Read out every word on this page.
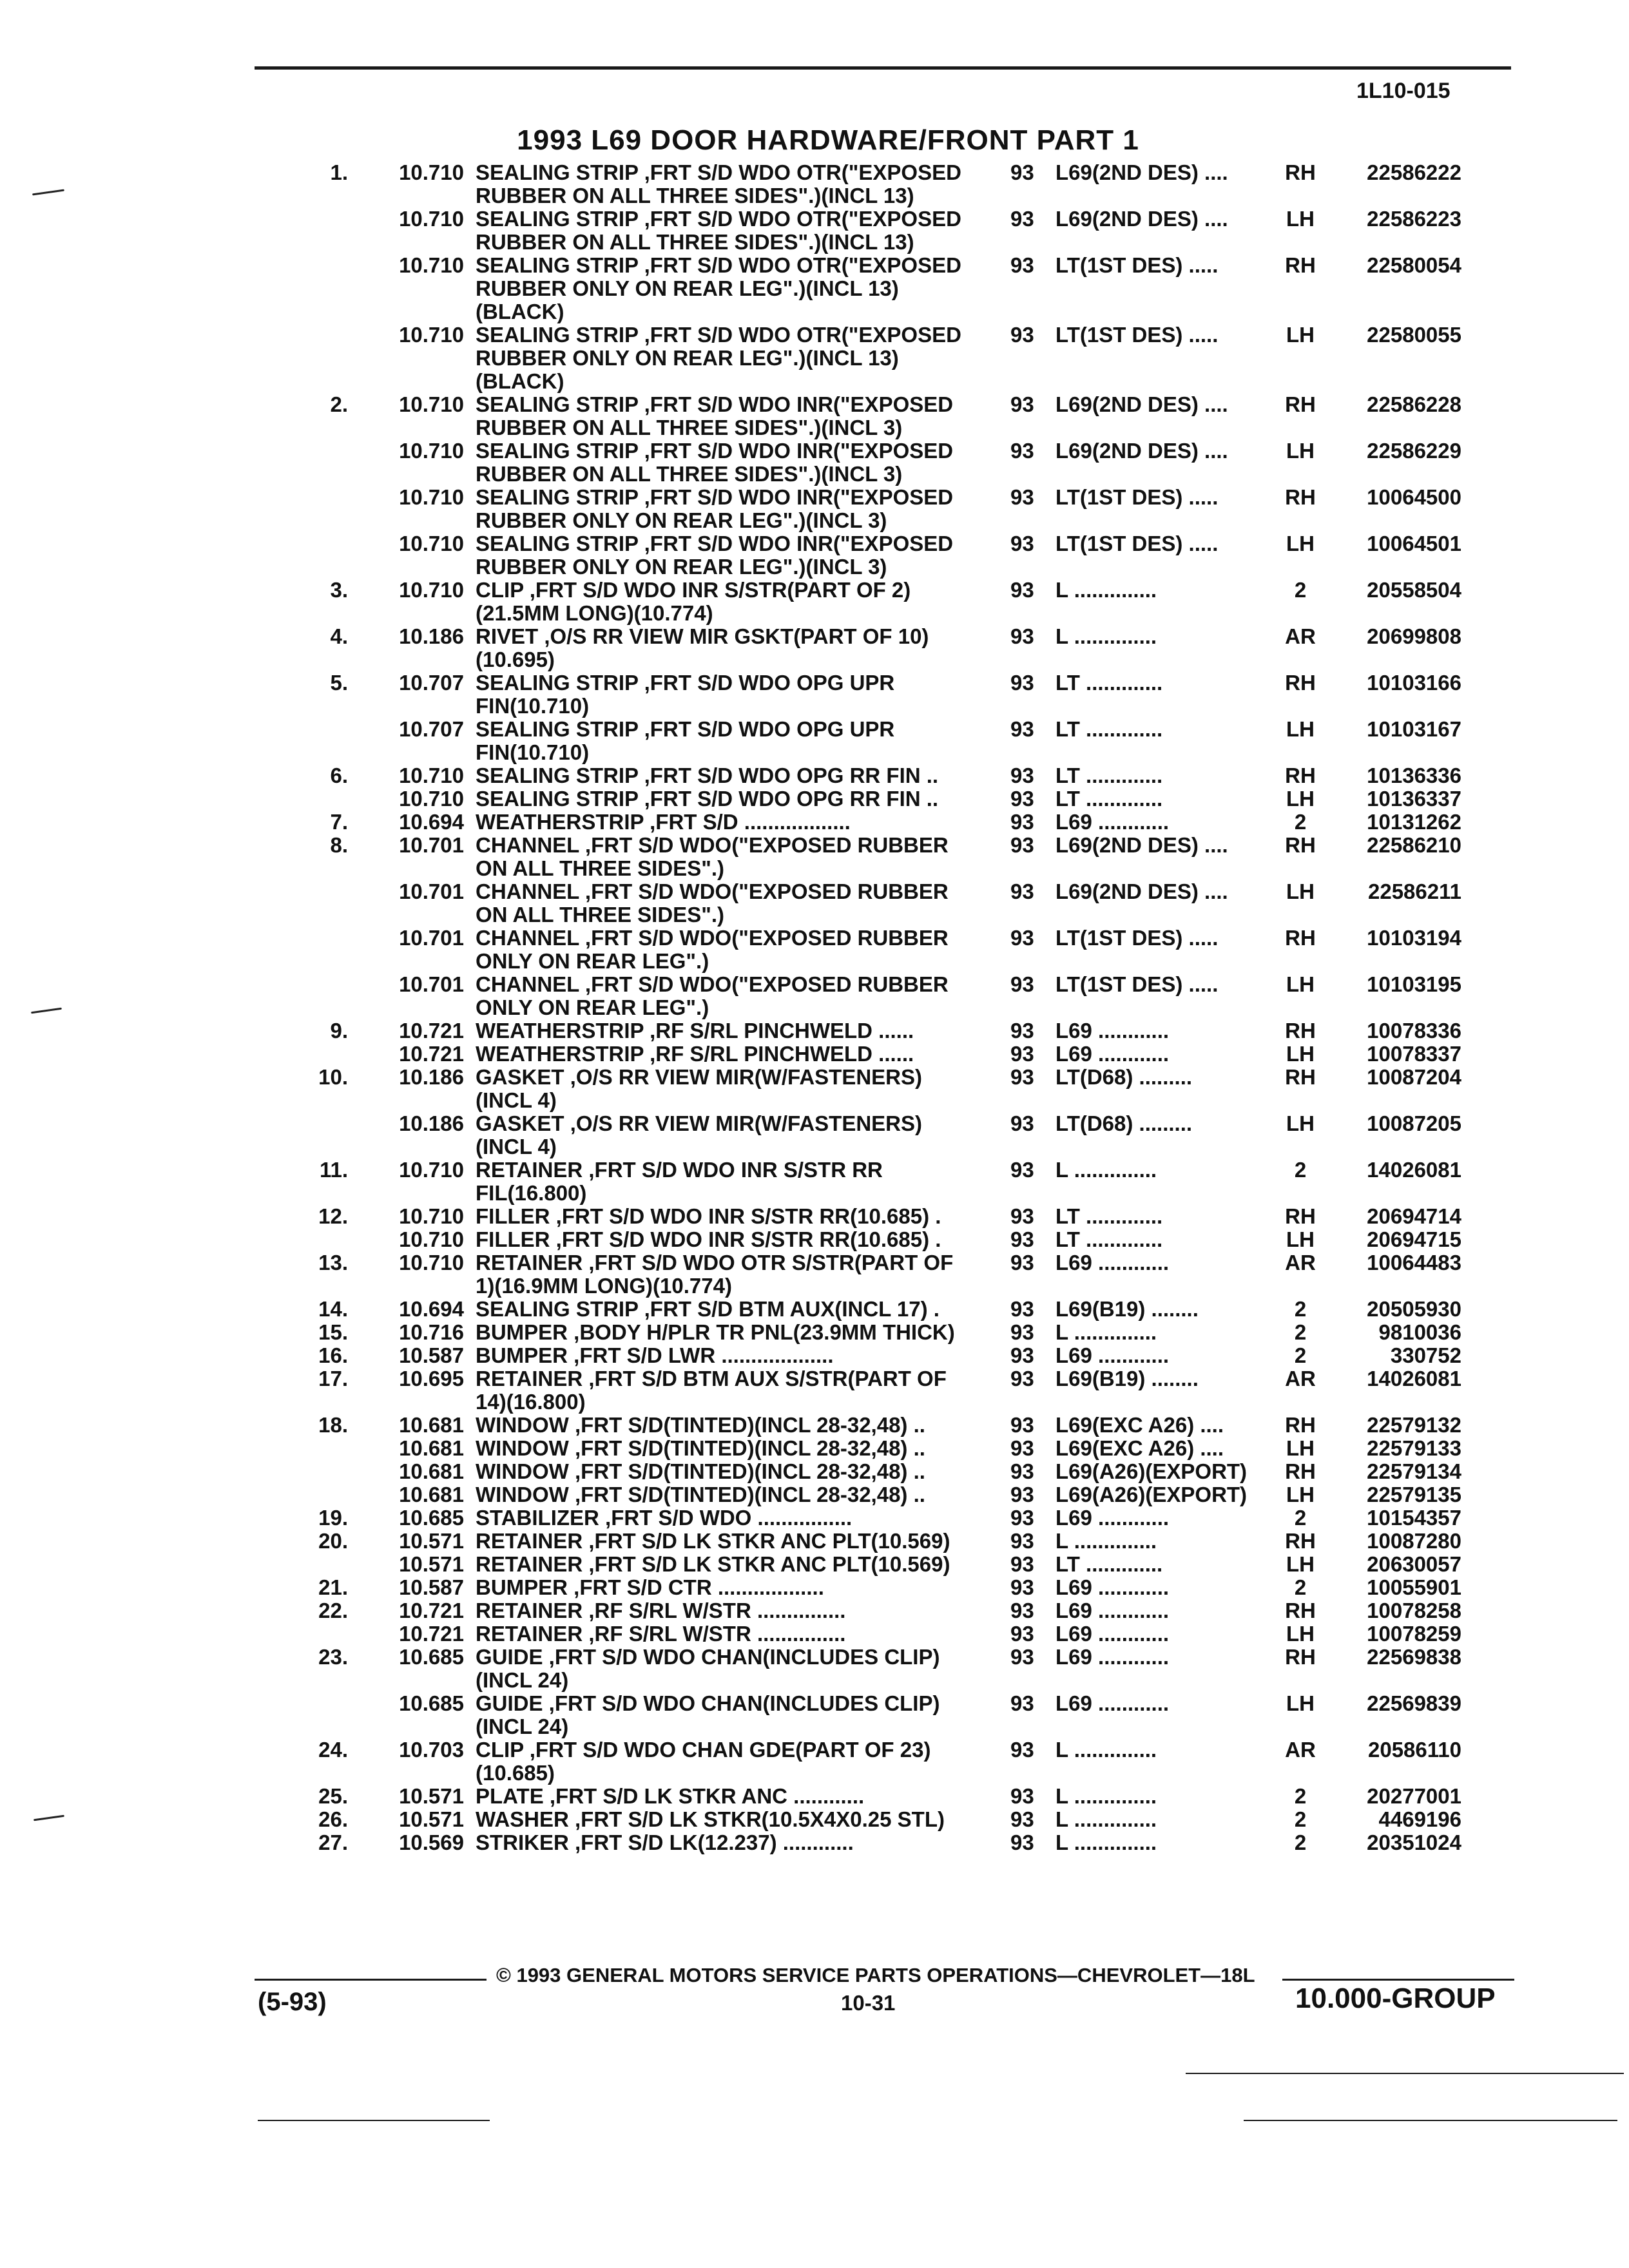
1L10-015
1993 L69 DOOR HARDWARE/FRONT PART 1
1.	10.710 SEALING STRIP ,FRT S/D WDO OTR("EXPOSED
RUBBER ON ALL THREE SIDES".)(INCL 13)
93	L69(2ND DES) ....	RH	22586222
10.710 SEALING STRIP ,FRT S/D WDO OTR("EXPOSED
RUBBER ON ALL THREE SIDES".)(INCL 13)
93	L69(2ND DES) ....	LH	22586223
10.710 SEALING STRIP ,FRT S/D WDO OTR("EXPOSED
RUBBER ONLY ON REAR LEG".)(INCL 13)
(BLACK)
93	LT(1ST DES) .....	RH	22580054
10.710 SEALING STRIP ,FRT S/D WDO OTR("EXPOSED
RUBBER ONLY ON REAR LEG".)(INCL 13)
(BLACK)
93	LT(1ST DES) .....	LH	22580055
2.	10.710 SEALING STRIP ,FRT S/D WDO INR("EXPOSED
RUBBER ON ALL THREE SIDES".)(INCL 3)
93	L69(2ND DES) ....	RH	22586228
10.710 SEALING STRIP ,FRT S/D WDO INR("EXPOSED
RUBBER ON ALL THREE SIDES".)(INCL 3)
93	L69(2ND DES) ....	LH	22586229
10.710 SEALING STRIP ,FRT S/D WDO INR("EXPOSED
RUBBER ONLY ON REAR LEG".)(INCL 3)
93	LT(1ST DES) .....	RH	10064500
10.710 SEALING STRIP ,FRT S/D WDO INR("EXPOSED
RUBBER ONLY ON REAR LEG".)(INCL 3)
93	LT(1ST DES) .....	LH	10064501
3.	10.710 CLIP ,FRT S/D WDO INR S/STR(PART OF 2)
(21.5MM LONG)(10.774)
93	L ..............	2	20558504
4.	10.186 RIVET ,O/S RR VIEW MIR GSKT(PART OF 10)
(10.695)
93	L ..............	AR	20699808
5.	10.707 SEALING STRIP ,FRT S/D WDO OPG UPR
FIN(10.710)
93	LT .............	RH	10103166
10.707 SEALING STRIP ,FRT S/D WDO OPG UPR
FIN(10.710)
93	LT .............	LH	10103167
6.	10.710 SEALING STRIP ,FRT S/D WDO OPG RR FIN ..	93	LT .............	RH	10136336
10.710 SEALING STRIP ,FRT S/D WDO OPG RR FIN ..	93	LT .............	LH	10136337
7.	10.694 WEATHERSTRIP ,FRT S/D ..................	93	L69 ............	2	10131262
8.	10.701 CHANNEL ,FRT S/D WDO("EXPOSED RUBBER
ON ALL THREE SIDES".)
93	L69(2ND DES) ....	RH	22586210
10.701 CHANNEL ,FRT S/D WDO("EXPOSED RUBBER
ON ALL THREE SIDES".)
93	L69(2ND DES) ....	LH	22586211
10.701 CHANNEL ,FRT S/D WDO("EXPOSED RUBBER
ONLY ON REAR LEG".)
93	LT(1ST DES) .....	RH	10103194
10.701 CHANNEL ,FRT S/D WDO("EXPOSED RUBBER
ONLY ON REAR LEG".)
93	LT(1ST DES) .....	LH	10103195
9.	10.721 WEATHERSTRIP ,RF S/RL PINCHWELD ......	93	L69 ............	RH	10078336
10.721 WEATHERSTRIP ,RF S/RL PINCHWELD ......	93	L69 ............	LH	10078337
10.	10.186 GASKET ,O/S RR VIEW MIR(W/FASTENERS)
(INCL 4)
93	LT(D68) .........	RH	10087204
10.186 GASKET ,O/S RR VIEW MIR(W/FASTENERS)
(INCL 4)
93	LT(D68) .........	LH	10087205
11.	10.710 RETAINER ,FRT S/D WDO INR S/STR RR
FIL(16.800)
93	L ..............	2	14026081
12.	10.710 FILLER ,FRT S/D WDO INR S/STR RR(10.685) .	93	LT .............	RH	20694714
10.710 FILLER ,FRT S/D WDO INR S/STR RR(10.685) .	93	LT .............	LH	20694715
13.	10.710 RETAINER ,FRT S/D WDO OTR S/STR(PART OF
1)(16.9MM LONG)(10.774)
93	L69 ............	AR	10064483
14.	10.694 SEALING STRIP ,FRT S/D BTM AUX(INCL 17) .	93	L69(B19) ........	2	20505930
15.	10.716 BUMPER ,BODY H/PLR TR PNL(23.9MM THICK)	93	L ..............	2	9810036
16.	10.587 BUMPER ,FRT S/D LWR ...................	93	L69 ............	2	330752
17.	10.695 RETAINER ,FRT S/D BTM AUX S/STR(PART OF
14)(16.800)
93	L69(B19) ........	AR	14026081
18.	10.681 WINDOW ,FRT S/D(TINTED)(INCL 28-32,48) ..	93	L69(EXC A26) ....	RH	22579132
10.681 WINDOW ,FRT S/D(TINTED)(INCL 28-32,48) ..	93	L69(EXC A26) ....	LH	22579133
10.681 WINDOW ,FRT S/D(TINTED)(INCL 28-32,48) ..	93	L69(A26)(EXPORT)	RH	22579134
10.681 WINDOW ,FRT S/D(TINTED)(INCL 28-32,48) ..	93	L69(A26)(EXPORT)	LH	22579135
19.	10.685 STABILIZER ,FRT S/D WDO ................	93	L69 ............	2	10154357
20.	10.571 RETAINER ,FRT S/D LK STKR ANC PLT(10.569)	93	L ..............	RH	10087280
10.571 RETAINER ,FRT S/D LK STKR ANC PLT(10.569)	93	LT .............	LH	20630057
21.	10.587 BUMPER ,FRT S/D CTR ..................	93	L69 ............	2	10055901
22.	10.721 RETAINER ,RF S/RL W/STR ...............	93	L69 ............	RH	10078258
10.721 RETAINER ,RF S/RL W/STR ...............	93	L69 ............	LH	10078259
23.	10.685 GUIDE ,FRT S/D WDO CHAN(INCLUDES CLIP)
(INCL 24)
93	L69 ............	RH	22569838
10.685 GUIDE ,FRT S/D WDO CHAN(INCLUDES CLIP)
(INCL 24)
93	L69 ............	LH	22569839
24.	10.703 CLIP ,FRT S/D WDO CHAN GDE(PART OF 23)
(10.685)
93	L ..............	AR	20586110
25.	10.571 PLATE ,FRT S/D LK STKR ANC ............	93	L ..............	2	20277001
26.	10.571 WASHER ,FRT S/D LK STKR(10.5X4X0.25 STL)	93	L ..............	2	4469196
27.	10.569 STRIKER ,FRT S/D LK(12.237) ............	93	L ..............	2	20351024
© 1993 GENERAL MOTORS SERVICE PARTS OPERATIONS—CHEVROLET—18L
(5-93)	10-31	10.000-GROUP
